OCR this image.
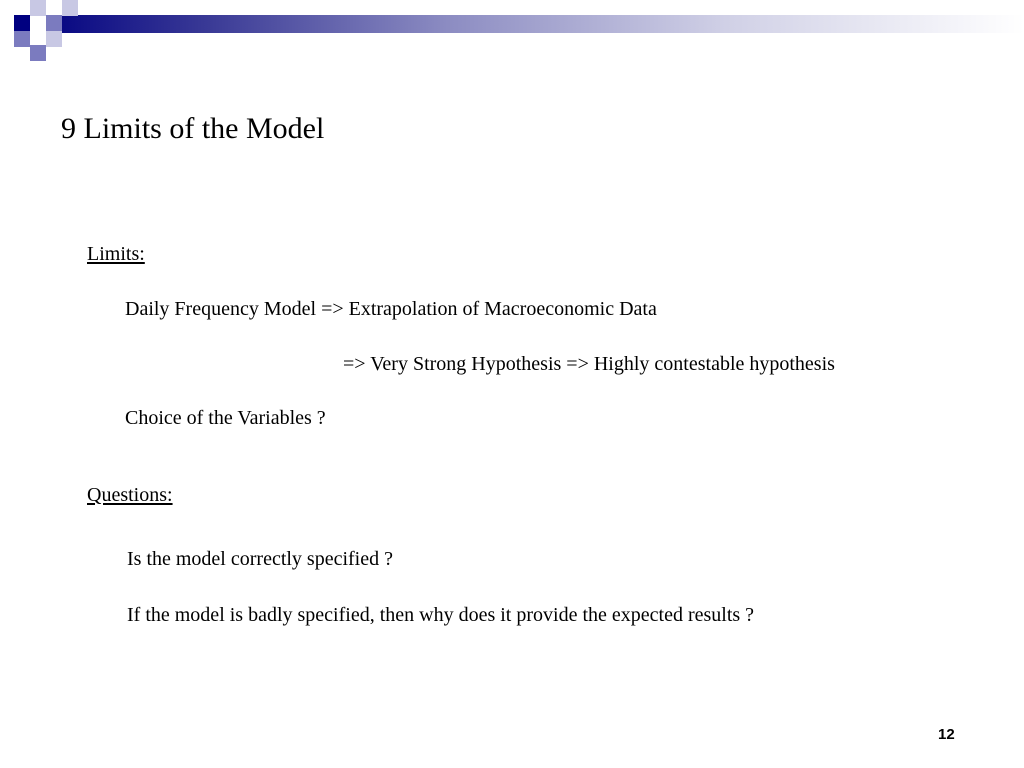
9 Limits of the Model
Limits:
Daily Frequency Model => Extrapolation of Macroeconomic Data
=> Very Strong Hypothesis => Highly contestable hypothesis
Choice of the Variables ?
Questions:
Is the model correctly specified ?
If the model is badly specified, then why does it provide the expected results ?
12
